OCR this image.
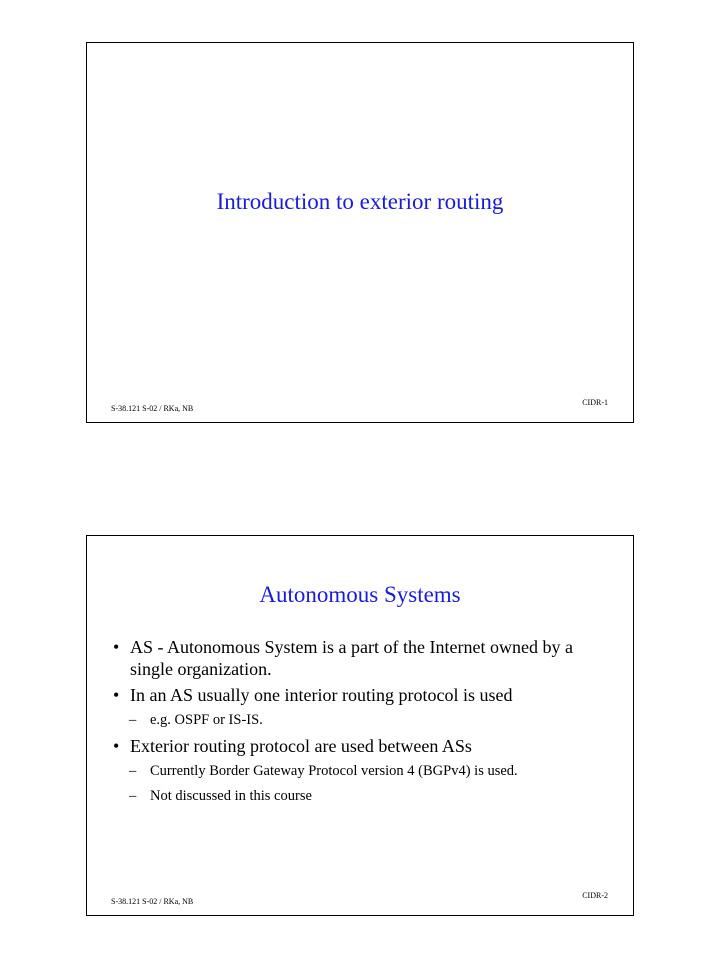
Introduction to exterior routing
S-38.121 S-02 / RKa, NB
CIDR-1
Autonomous Systems
• AS - Autonomous System is a part of the Internet owned by a single organization.
• In an AS usually one interior routing protocol is used
– e.g. OSPF or IS-IS.
• Exterior routing protocol are used between ASs
– Currently Border Gateway Protocol version 4 (BGPv4) is used.
– Not discussed in this course
S-38.121 S-02 / RKa, NB
CIDR-2
